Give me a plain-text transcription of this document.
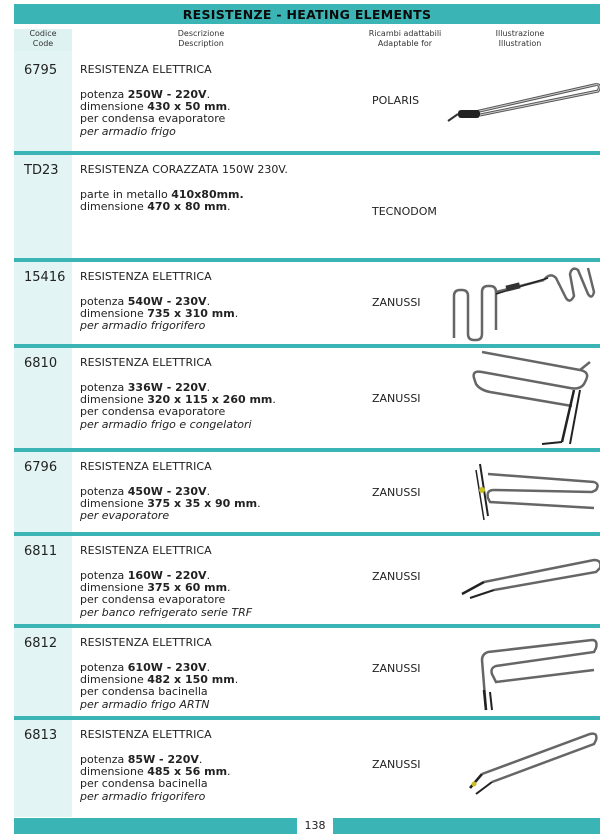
RESISTENZE - HEATING ELEMENTS
Codice
Code
Descrizione
Description
Ricambi adattabili
Adaptable for
Illustrazione
Illustration
6795 RESISTENZA ELETTRICA
potenza 250W - 220V.
dimensione 430 x 50 mm.
per condensa evaporatore
per armadio frigo
POLARIS
TD23 RESISTENZA CORAZZATA 150W 230V.
parte in metallo 410x80mm.
dimensione 470 x 80 mm.	TECNODOM
15416 RESISTENZA ELETTRICA
potenza 540W - 230V.
dimensione 735 x 310 mm.
per armadio frigorifero
ZANUSSI
6810 RESISTENZA ELETTRICA
potenza 336W - 220V.
dimensione 320 x 115 x 260 mm.
per condensa evaporatore
per armadio frigo e congelatori
ZANUSSI
6796 RESISTENZA ELETTRICA
potenza 450W - 230V.
dimensione 375 x 35 x 90 mm.
per evaporatore
ZANUSSI
6811 RESISTENZA ELETTRICA
potenza 160W - 220V.
dimensione 375 x 60 mm.
per condensa evaporatore
per banco refrigerato serie TRF
ZANUSSI
6812 RESISTENZA ELETTRICA
potenza 610W - 230V.
dimensione 482 x 150 mm.
per condensa bacinella
per armadio frigo ARTN
ZANUSSI
6813 RESISTENZA ELETTRICA
potenza 85W - 220V.
dimensione 485 x 56 mm.
per condensa bacinella
per armadio frigorifero
ZANUSSI
138
